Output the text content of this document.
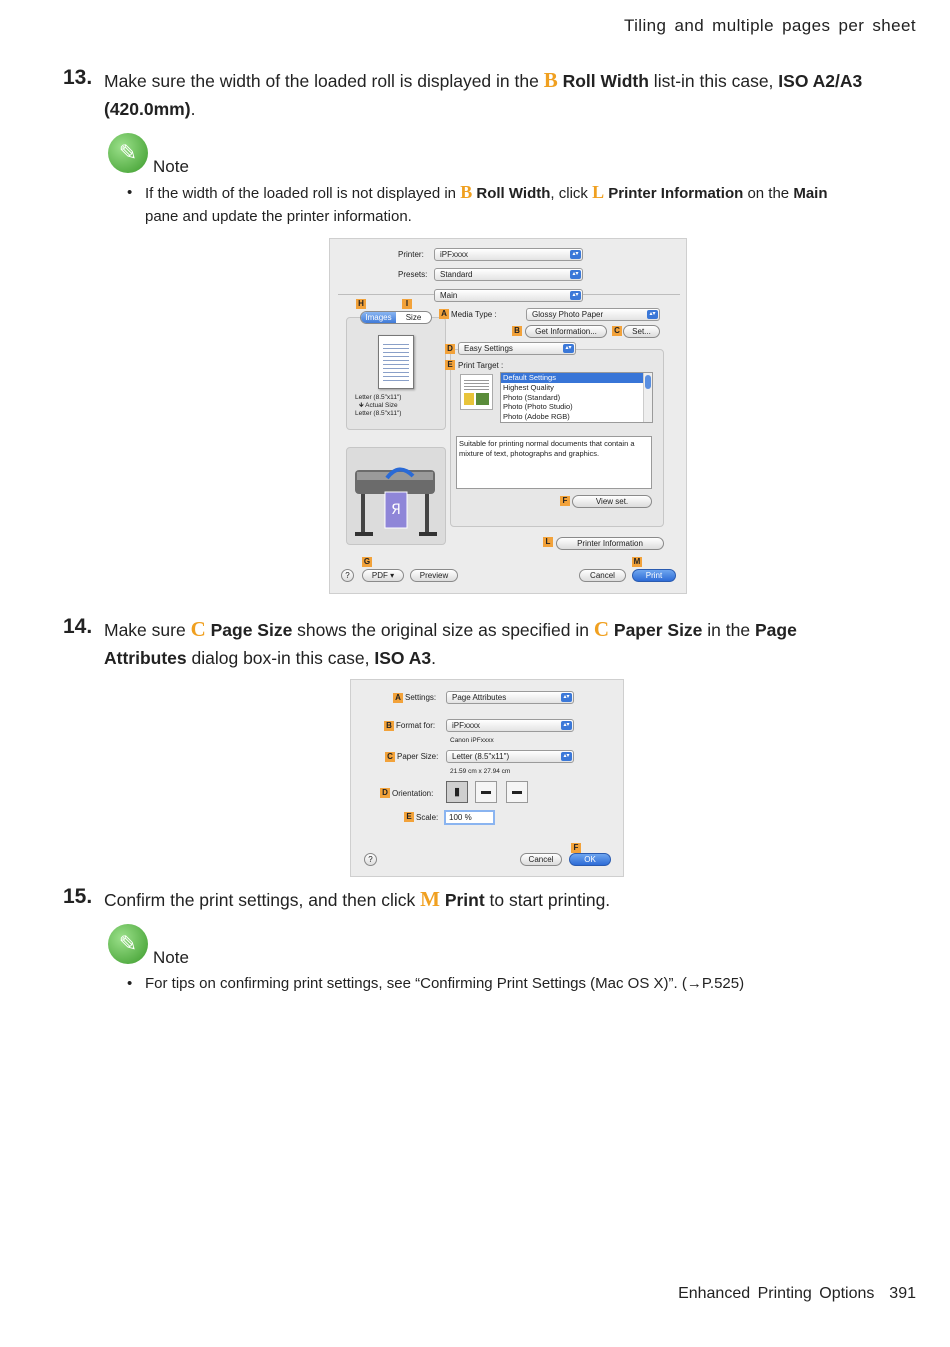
Tiling and multiple pages per sheet
Enhanced Printing Options 391
13. Make sure the width of the loaded roll is displayed in the B Roll Width list-in this case, ISO A2/A3 (420.0mm).
✎
Note
• If the width of the loaded roll is not displayed in B Roll Width, click L Printer Information on the Main pane and update the printer information.
Printer:	iPFxxxx	▴▾
Presets:	Standard	▴▾
Main	▴▾
H	I
Images	Size
Letter (8.5"x11")
🡻 Actual Size
Letter (8.5"x11")
Я
A Media Type :	Glossy Photo Paper	▴▾
B	Get Information...	C	Set...
D	Easy Settings	▴▾
E Print Target :
Default Settings
Highest Quality
Photo (Standard)
Photo (Photo Studio)
Photo (Adobe RGB)
Suitable for printing normal documents that contain a mixture of text, photographs and graphics.
F	View set.
L	Printer Information
G	M
?	PDF ▾	Preview	Cancel	Print
14. Make sure C Page Size shows the original size as specified in C Paper Size in the Page Attributes dialog box-in this case, ISO A3.
A Settings:	Page Attributes	▴▾
B Format for:	iPFxxxx	▴▾
Canon iPFxxxx
C Paper Size:	Letter (8.5"x11")	▴▾
21.59 cm x 27.94 cm
D Orientation:	▮	▬	▬
E Scale:	100 %
F
?	Cancel	OK
15. Confirm the print settings, and then click M Print to start printing.
✎
Note
• For tips on confirming print settings, see “Confirming Print Settings (Mac OS X)”. (→P.525)
